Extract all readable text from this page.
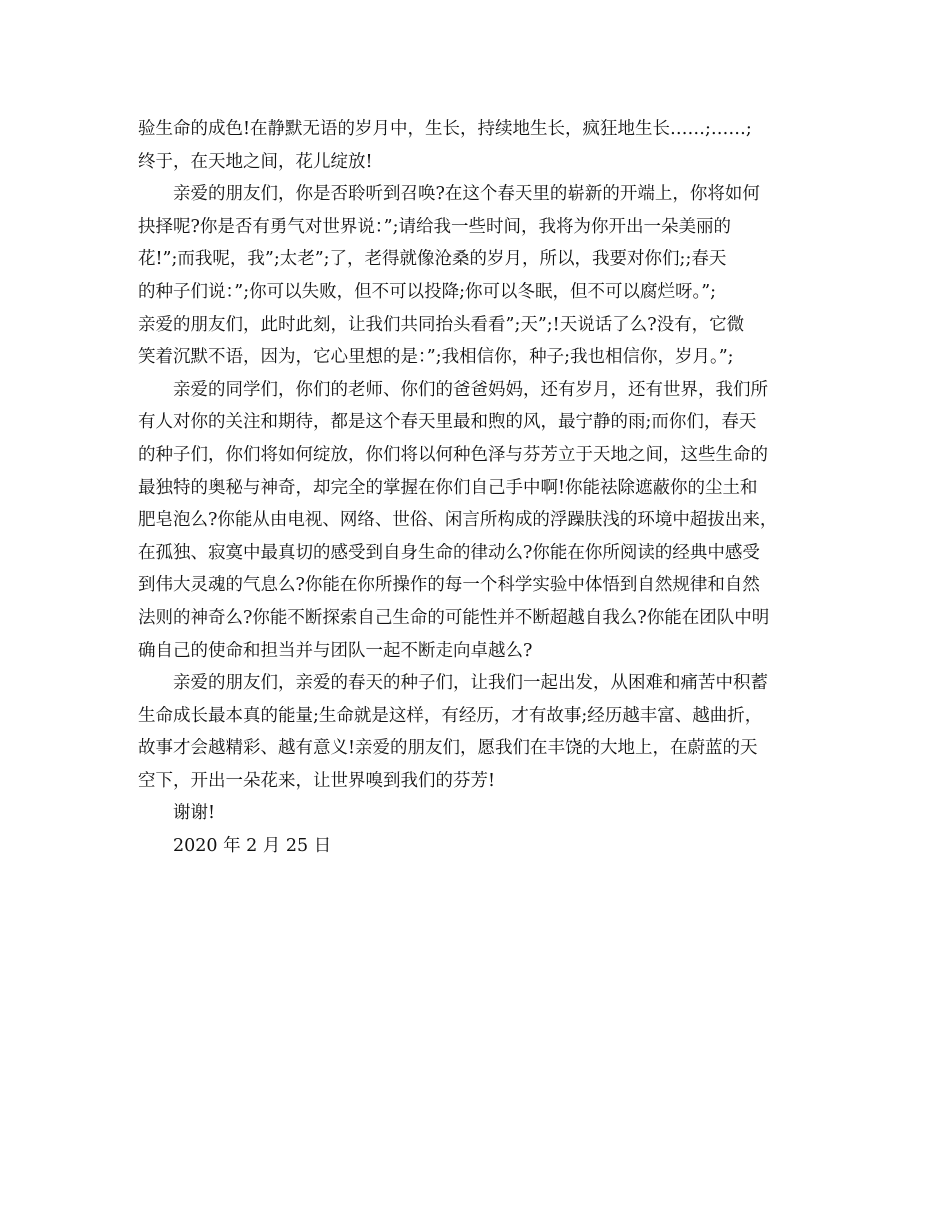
验生命的成色!在静默无语的岁月中，生长，持续地生长，疯狂地生长……;……;
终于，在天地之间，花儿绽放!
亲爱的朋友们，你是否聆听到召唤?在这个春天里的崭新的开端上，你将如何
抉择呢?你是否有勇气对世界说：”;请给我一些时间，我将为你开出一朵美丽的
花!”;而我呢，我”;太老”;了，老得就像沧桑的岁月，所以，我要对你们;;春天
的种子们说：”;你可以失败，但不可以投降;你可以冬眠，但不可以腐烂呀。”;
亲爱的朋友们，此时此刻，让我们共同抬头看看”;天”;!天说话了么?没有，它微
笑着沉默不语，因为，它心里想的是：”;我相信你，种子;我也相信你，岁月。”;
亲爱的同学们，你们的老师、你们的爸爸妈妈，还有岁月，还有世界，我们所
有人对你的关注和期待，都是这个春天里最和煦的风，最宁静的雨;而你们，春天
的种子们，你们将如何绽放，你们将以何种色泽与芬芳立于天地之间，这些生命的
最独特的奥秘与神奇，却完全的掌握在你们自己手中啊!你能祛除遮蔽你的尘土和
肥皂泡么?你能从由电视、网络、世俗、闲言所构成的浮躁肤浅的环境中超拔出来，
在孤独、寂寞中最真切的感受到自身生命的律动么?你能在你所阅读的经典中感受
到伟大灵魂的气息么?你能在你所操作的每一个科学实验中体悟到自然规律和自然
法则的神奇么?你能不断探索自己生命的可能性并不断超越自我么?你能在团队中明
确自己的使命和担当并与团队一起不断走向卓越么?
亲爱的朋友们，亲爱的春天的种子们，让我们一起出发，从困难和痛苦中积蓄
生命成长最本真的能量;生命就是这样，有经历，才有故事;经历越丰富、越曲折，
故事才会越精彩、越有意义!亲爱的朋友们，愿我们在丰饶的大地上，在蔚蓝的天
空下，开出一朵花来，让世界嗅到我们的芬芳!
谢谢!
2020 年 2 月 25 日
